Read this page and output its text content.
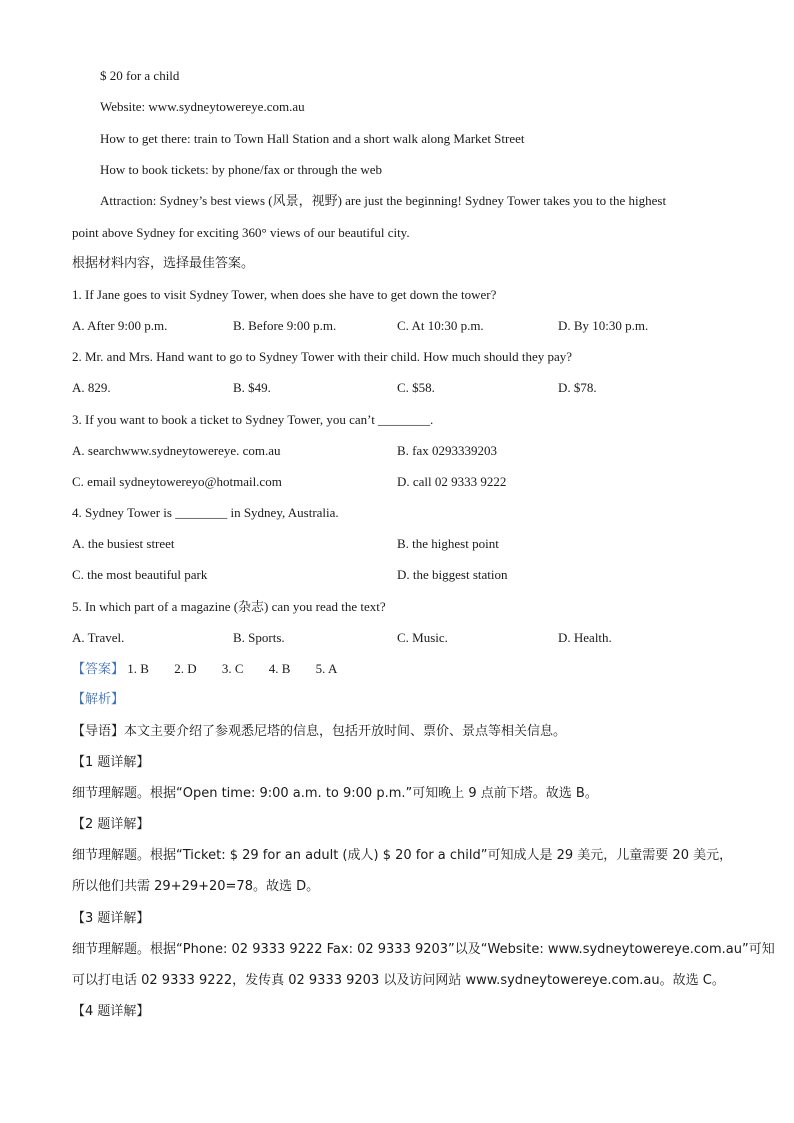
$ 20 for a child
Website: www.sydneytowereye.com.au
How to get there: train to Town Hall Station and a short walk along Market Street
How to book tickets: by phone/fax or through the web
Attraction: Sydney’s best views (风景，视野) are just the beginning! Sydney Tower takes you to the highest
point above Sydney for exciting 360° views of our beautiful city.
根据材料内容，选择最佳答案。
1. If Jane goes to visit Sydney Tower, when does she have to get down the tower?
A. After 9:00 p.m.	B. Before 9:00 p.m.	C. At 10:30 p.m.	D. By 10:30 p.m.
2. Mr. and Mrs. Hand want to go to Sydney Tower with their child. How much should they pay?
A. 829.	B. $49.	C. $58.	D. $78.
3. If you want to book a ticket to Sydney Tower, you can’t ________.
A. searchwww.sydneytowereye. com.au	B. fax 0293339203
C. email sydneytowereyo@hotmail.com	D. call 02 9333 9222
4. Sydney Tower is ________ in Sydney, Australia.
A. the busiest street	B. the highest point
C. the most beautiful park	D. the biggest station
5. In which part of a magazine (杂志) can you read the text?
A. Travel.	B. Sports.	C. Music.	D. Health.
【答案】 1. B 2. D 3. C 4. B 5. A
【解析】
【导语】本文主要介绍了参观悉尼塔的信息，包括开放时间、票价、景点等相关信息。
【1 题详解】
细节理解题。根据“Open time: 9:00 a.m. to 9:00 p.m.”可知晚上 9 点前下塔。故选 B。
【2 题详解】
细节理解题。根据“Ticket: $ 29 for an adult (成人) $ 20 for a child”可知成人是 29 美元，儿童需要 20 美元，
所以他们共需 29+29+20=78。故选 D。
【3 题详解】
细节理解题。根据“Phone: 02 9333 9222 Fax: 02 9333 9203”以及“Website: www.sydneytowereye.com.au”可知
可以打电话 02 9333 9222，发传真 02 9333 9203 以及访问网站 www.sydneytowereye.com.au。故选 C。
【4 题详解】
